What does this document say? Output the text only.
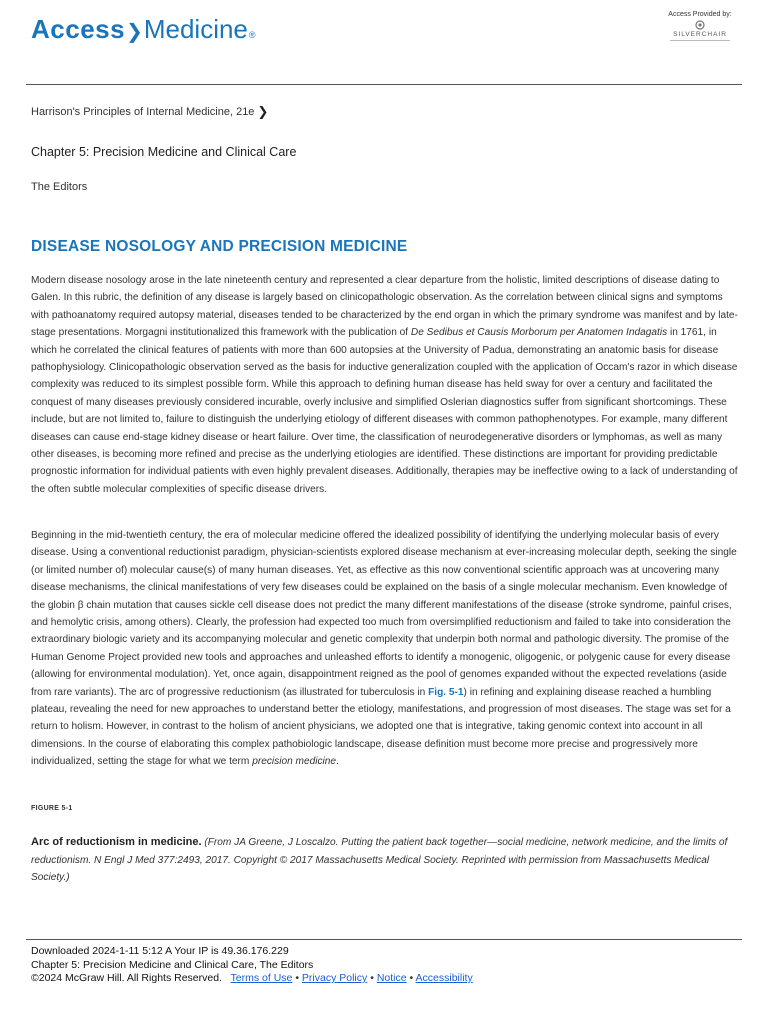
Access ❯ Medicine ®
Access Provided by:
SILVERCHAIR
Harrison's Principles of Internal Medicine, 21e ❯
Chapter 5: Precision Medicine and Clinical Care
The Editors
DISEASE NOSOLOGY AND PRECISION MEDICINE

Modern disease nosology arose in the late nineteenth century and represented a clear departure from the holistic, limited descriptions of disease dating to Galen. In this rubric, the definition of any disease is largely based on clinicopathologic observation. As the correlation between clinical signs and symptoms with pathoanatomy required autopsy material, diseases tended to be characterized by the end organ in which the primary syndrome was manifest and by late-stage presentations. Morgagni institutionalized this framework with the publication of De Sedibus et Causis Morborum per Anatomen Indagatis in 1761, in which he correlated the clinical features of patients with more than 600 autopsies at the University of Padua, demonstrating an anatomic basis for disease pathophysiology. Clinicopathologic observation served as the basis for inductive generalization coupled with the application of Occam's razor in which disease complexity was reduced to its simplest possible form. While this approach to defining human disease has held sway for over a century and facilitated the conquest of many diseases previously considered incurable, overly inclusive and simplified Oslerian diagnostics suffer from significant shortcomings. These include, but are not limited to, failure to distinguish the underlying etiology of different diseases with common pathophenotypes. For example, many different diseases can cause end-stage kidney disease or heart failure. Over time, the classification of neurodegenerative disorders or lymphomas, as well as many other diseases, is becoming more refined and precise as the underlying etiologies are identified. These distinctions are important for providing predictable prognostic information for individual patients with even highly prevalent diseases. Additionally, therapies may be ineffective owing to a lack of understanding of the often subtle molecular complexities of specific disease drivers.

Beginning in the mid-twentieth century, the era of molecular medicine offered the idealized possibility of identifying the underlying molecular basis of every disease. Using a conventional reductionist paradigm, physician-scientists explored disease mechanism at ever-increasing molecular depth, seeking the single (or limited number of) molecular cause(s) of many human diseases. Yet, as effective as this now conventional scientific approach was at uncovering many disease mechanisms, the clinical manifestations of very few diseases could be explained on the basis of a single molecular mechanism. Even knowledge of the globin β chain mutation that causes sickle cell disease does not predict the many different manifestations of the disease (stroke syndrome, painful crises, and hemolytic crisis, among others). Clearly, the profession had expected too much from oversimplified reductionism and failed to take into consideration the extraordinary biologic variety and its accompanying molecular and genetic complexity that underpin both normal and pathologic diversity. The promise of the Human Genome Project provided new tools and approaches and unleashed efforts to identify a monogenic, oligogenic, or polygenic cause for every disease (allowing for environmental modulation). Yet, once again, disappointment reigned as the pool of genomes expanded without the expected revelations (aside from rare variants). The arc of progressive reductionism (as illustrated for tuberculosis in Fig. 5-1) in refining and explaining disease reached a humbling plateau, revealing the need for new approaches to understand better the etiology, manifestations, and progression of most diseases. The stage was set for a return to holism. However, in contrast to the holism of ancient physicians, we adopted one that is integrative, taking genomic context into account in all dimensions. In the course of elaborating this complex pathobiologic landscape, disease definition must become more precise and progressively more individualized, setting the stage for what we term precision medicine.

FIGURE 5-1

Arc of reductionism in medicine. (From JA Greene, J Loscalzo. Putting the patient back together—social medicine, network medicine, and the limits of reductionism. N Engl J Med 377:2493, 2017. Copyright © 2017 Massachusetts Medical Society. Reprinted with permission from Massachusetts Medical Society.)

Downloaded 2024-1-11 5:12 A Your IP is 49.36.176.229
Chapter 5: Precision Medicine and Clinical Care, The Editors
©2024 McGraw Hill. All Rights Reserved. Terms of Use • Privacy Policy • Notice • Accessibility
